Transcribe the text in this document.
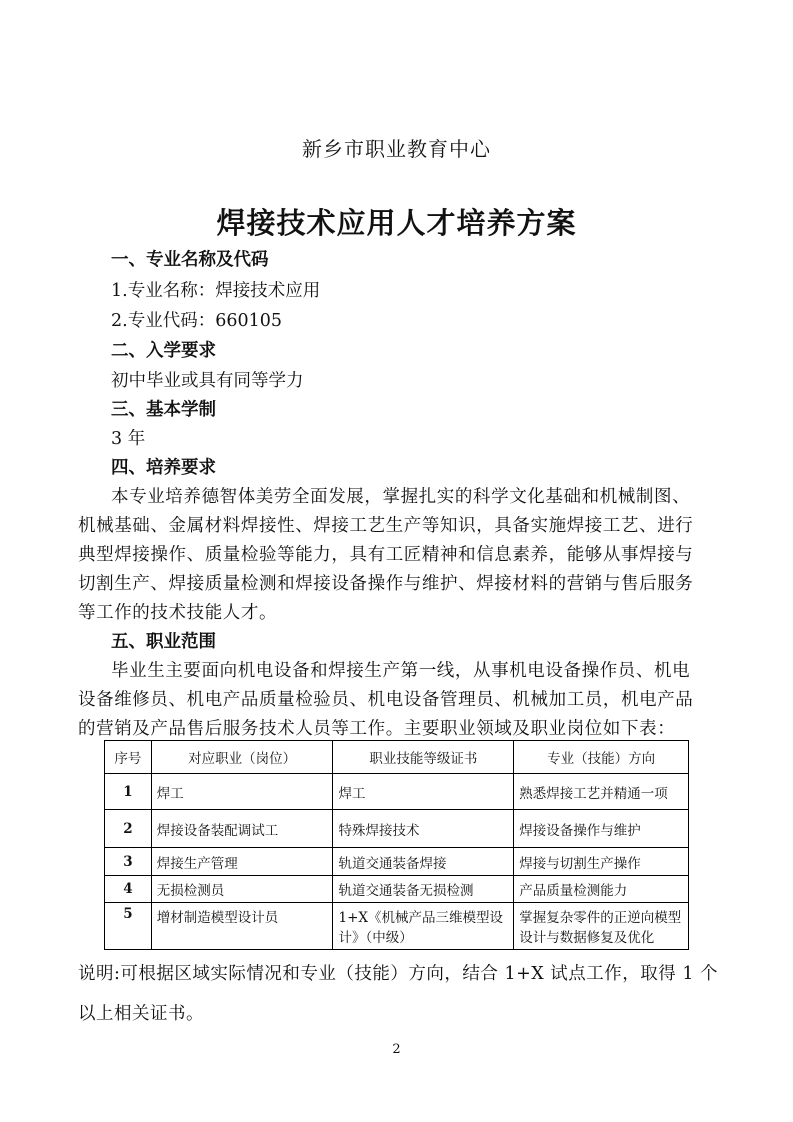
新乡市职业教育中心
焊接技术应用人才培养方案
一、专业名称及代码
1.专业名称：焊接技术应用
2.专业代码：660105
二、入学要求
初中毕业或具有同等学力
三、基本学制
3 年
四、培养要求
本专业培养德智体美劳全面发展，掌握扎实的科学文化基础和机械制图、
机械基础、金属材料焊接性、焊接工艺生产等知识，具备实施焊接工艺、进行
典型焊接操作、质量检验等能力，具有工匠精神和信息素养，能够从事焊接与
切割生产、焊接质量检测和焊接设备操作与维护、焊接材料的营销与售后服务
等工作的技术技能人才。
五、职业范围
毕业生主要面向机电设备和焊接生产第一线，从事机电设备操作员、机电
设备维修员、机电产品质量检验员、机电设备管理员、机械加工员，机电产品
的营销及产品售后服务技术人员等工作。主要职业领域及职业岗位如下表：
序号	对应职业（岗位）	职业技能等级证书	专业（技能）方向
1	焊工	焊工	熟悉焊接工艺并精通一项
2	焊接设备装配调试工	特殊焊接技术	焊接设备操作与维护
3	焊接生产管理	轨道交通装备焊接	焊接与切割生产操作
4	无损检测员	轨道交通装备无损检测	产品质量检测能力
5	增材制造模型设计员	1+X《机械产品三维模型设计》（中级）	掌握复杂零件的正逆向模型设计与数据修复及优化
说明:可根据区域实际情况和专业（技能）方向，结合 1+X 试点工作，取得 1 个
以上相关证书。
2
